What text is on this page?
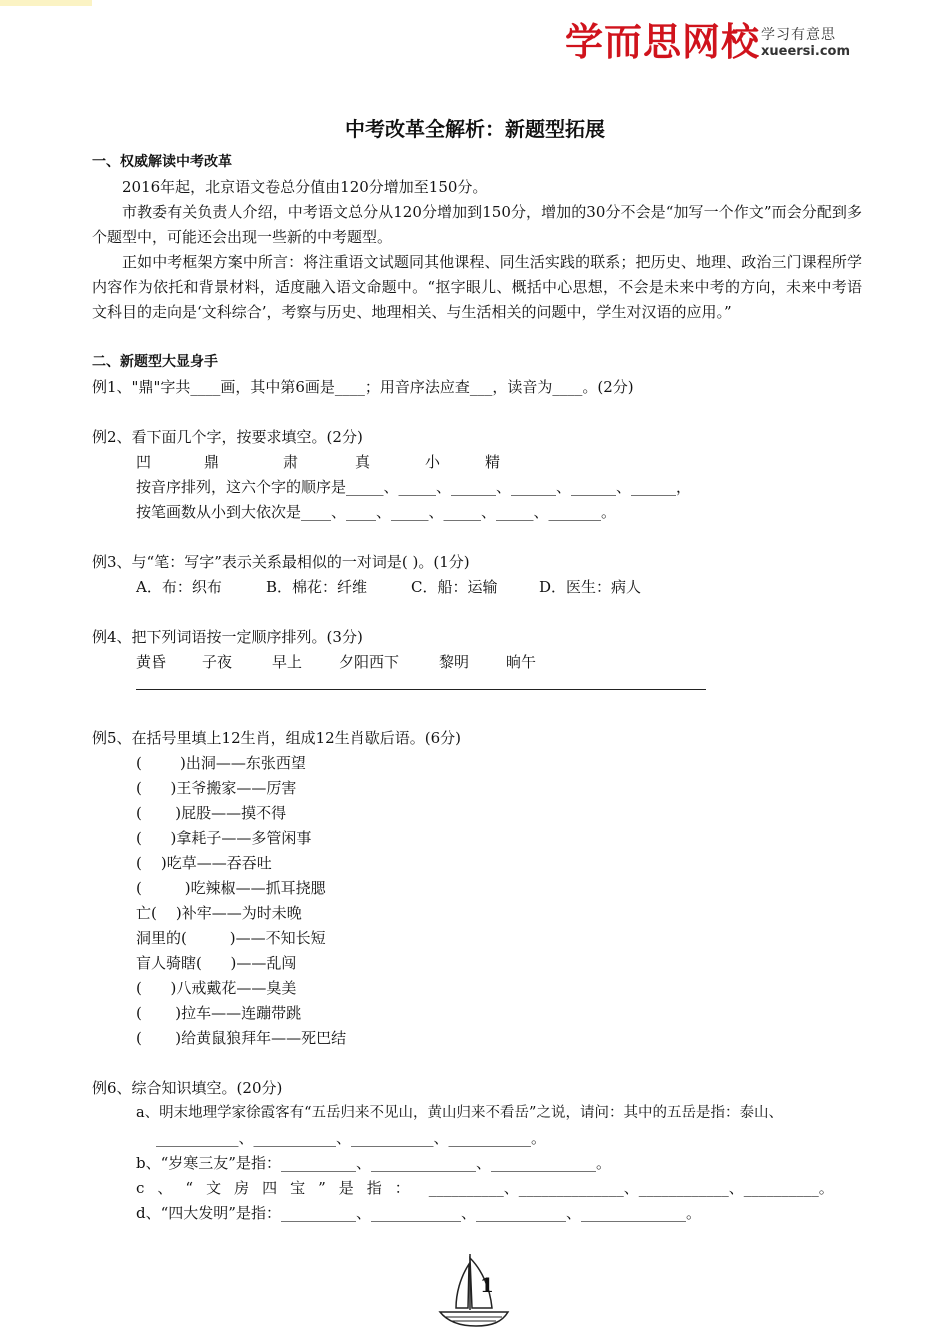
学而思网校 学习有意思
xueersi.com
中考改革全解析：新题型拓展
一、权威解读中考改革
2016年起，北京语文卷总分值由120分增加至150分。
市教委有关负责人介绍，中考语文总分从120分增加到150分，增加的30分不会是“加写一个作文”而会分配到多个题型中，可能还会出现一些新的中考题型。
正如中考框架方案中所言：将注重语文试题同其他课程、同生活实践的联系；把历史、地理、政治三门课程所学内容作为依托和背景材料，适度融入语文命题中。“抠字眼儿、概括中心思想，不会是未来中考的方向，未来中考语文科目的走向是‘文科综合’，考察与历史、地理相关、与生活相关的问题中，学生对汉语的应用。”
二、新题型大显身手
例1、"鼎"字共____画，其中第6画是____；用音序法应查___，读音为____。(2分)
例2、看下面几个字，按要求填空。(2分)
凹	鼎	肃	真	小	精
按音序排列，这六个字的顺序是_____、_____、______、______、______、______，
按笔画数从小到大依次是____、____、_____、_____、_____、_______。
例3、与“笔：写字”表示关系最相似的一对词是( )。(1分)
A．布：织布	B．棉花：纤维	C．船：运输	D．医生：病人
例4、把下列词语按一定顺序排列。(3分)
黄昏	子夜	早上	夕阳西下	黎明	晌午
例5、在括号里填上12生肖，组成12生肖歇后语。(6分)
(        )出洞——东张西望
(      )王爷搬家——厉害
(       )屁股——摸不得
(      )拿耗子——多管闲事
(    )吃草——吞吞吐
(         )吃辣椒——抓耳挠腮
亡(    )补牢——为时未晚
洞里的(         )——不知长短
盲人骑瞎(      )——乱闯
(      )八戒戴花——臭美
(       )拉车——连蹦带跳
(       )给黄鼠狼拜年——死巴结
例6、综合知识填空。(20分)
a、明末地理学家徐霞客有“五岳归来不见山，黄山归来不看岳”之说，请问：其中的五岳是指：泰山、
___________、___________、___________、___________。
b、“岁寒三友”是指：__________、______________、______________。
c、“文房四宝”是指： __________、______________、____________、__________。
d、“四大发明”是指：__________、____________、____________、______________。
1
